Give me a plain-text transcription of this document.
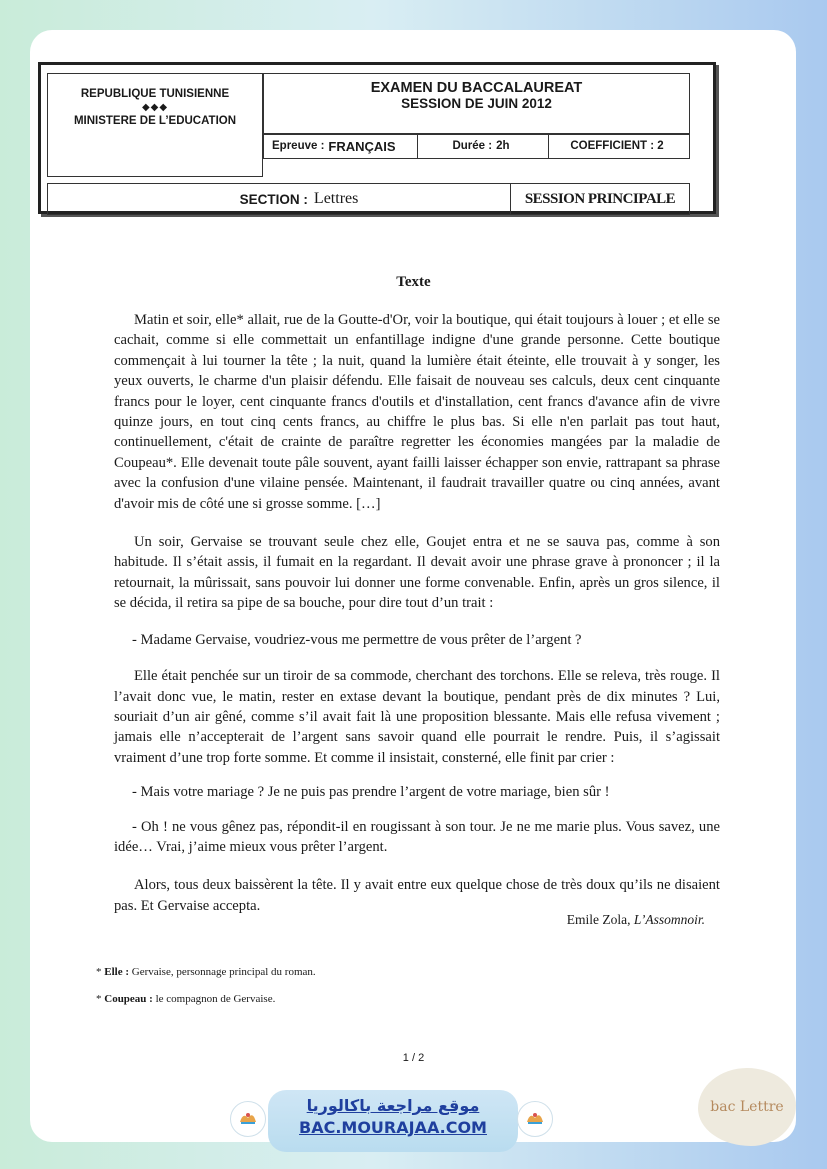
REPUBLIQUE TUNISIENNE
◆◆◆
MINISTERE DE L’EDUCATION
EXAMEN DU BACCALAUREAT
SESSION DE JUIN 2012
Epreuve : FRANÇAIS	Durée : 2h	COEFFICIENT : 2
SECTION : Lettres	SESSION PRINCIPALE
Texte

Matin et soir, elle* allait, rue de la Goutte-d'Or, voir la boutique, qui était toujours à louer ; et elle se cachait, comme si elle commettait un enfantillage indigne d'une grande personne. Cette boutique commençait à lui tourner la tête ; la nuit, quand la lumière était éteinte, elle trouvait à y songer, les yeux ouverts, le charme d'un plaisir défendu. Elle faisait de nouveau ses calculs, deux cent cinquante francs pour le loyer, cent cinquante francs d'outils et d'installation, cent francs d'avance afin de vivre quinze jours, en tout cinq cents francs, au chiffre le plus bas. Si elle n'en parlait pas tout haut, continuellement, c'était de crainte de paraître regretter les économies mangées par la maladie de Coupeau*. Elle devenait toute pâle souvent, ayant failli laisser échapper son envie, rattrapant sa phrase avec la confusion d'une vilaine pensée. Maintenant, il faudrait travailler quatre ou cinq années, avant d'avoir mis de côté une si grosse somme. […]

Un soir, Gervaise se trouvant seule chez elle, Goujet entra et ne se sauva pas, comme à son habitude. Il s’était assis, il fumait en la regardant. Il devait avoir une phrase grave à prononcer ; il la retournait, la mûrissait, sans pouvoir lui donner une forme convenable. Enfin, après un gros silence, il se décida, il retira sa pipe de sa bouche, pour dire tout d’un trait :

- Madame Gervaise, voudriez-vous me permettre de vous prêter de l’argent ?

Elle était penchée sur un tiroir de sa commode, cherchant des torchons. Elle se releva, très rouge. Il l’avait donc vue, le matin, rester en extase devant la boutique, pendant près de dix minutes ? Lui, souriait d’un air gêné, comme s’il avait fait là une proposition blessante. Mais elle refusa vivement ; jamais elle n’accepterait de l’argent sans savoir quand elle pourrait le rendre. Puis, il s’agissait vraiment d’une trop forte somme. Et comme il insistait, consterné, elle finit par crier :

- Mais votre mariage ? Je ne puis pas prendre l’argent de votre mariage, bien sûr !

- Oh ! ne vous gênez pas, répondit-il en rougissant à son tour. Je ne me marie plus. Vous savez, une idée… Vrai, j’aime mieux vous prêter l’argent.

Alors, tous deux baissèrent la tête. Il y avait entre eux quelque chose de très doux qu’ils ne disaient pas. Et Gervaise accepta.

Emile Zola, L’Assomnoir.
* Elle : Gervaise, personnage principal du roman.
* Coupeau : le compagnon de Gervaise.
1 / 2
موقع مراجعة باكالوريا
BAC.MOURAJAA.COM
bac Lettre
